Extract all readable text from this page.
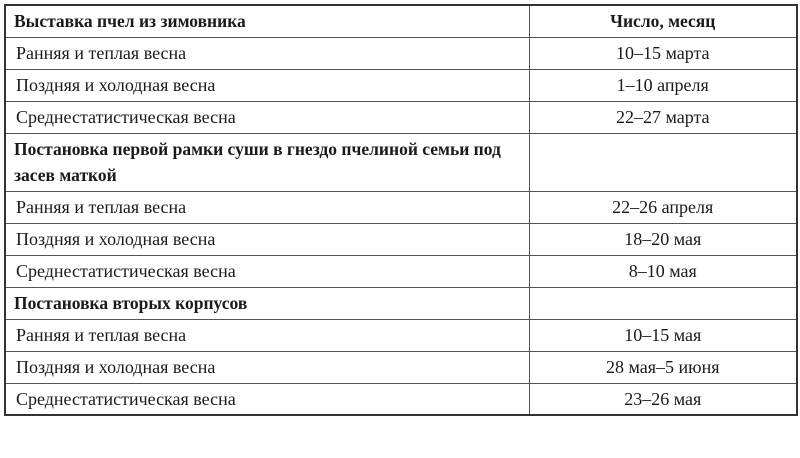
Выставка пчел из зимовника	Число, месяц
Ранняя и теплая весна	10–15 марта
Поздняя и холодная весна	1–10 апреля
Среднестатистическая весна	22–27 марта
Постановка первой рамки суши в гнездо пчелиной семьи под засев маткой	
Ранняя и теплая весна	22–26 апреля
Поздняя и холодная весна	18–20 мая
Среднестатистическая весна	8–10 мая
Постановка вторых корпусов	
Ранняя и теплая весна	10–15 мая
Поздняя и холодная весна	28 мая–5 июня
Среднестатистическая весна	23–26 мая
